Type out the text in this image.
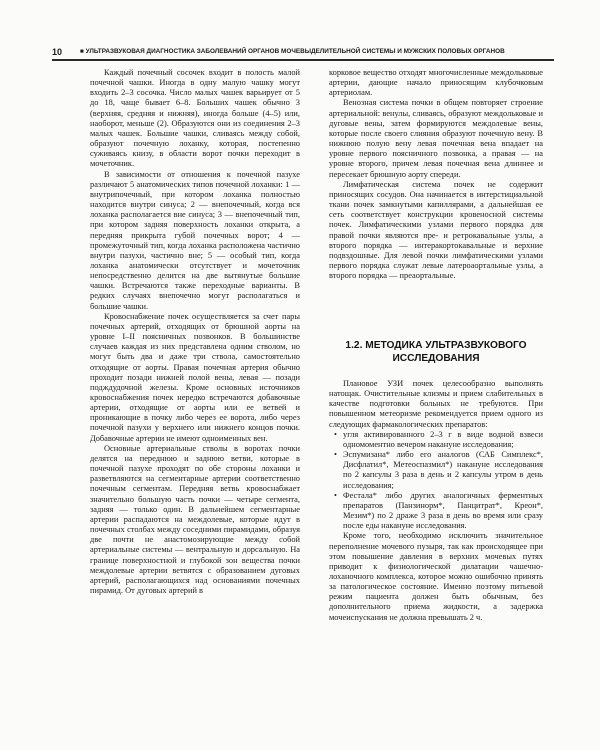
10	■ УЛЬТРАЗВУКОВАЯ ДИАГНОСТИКА ЗАБОЛЕВАНИЙ ОРГАНОВ МОЧЕВЫДЕЛИТЕЛЬНОЙ СИСТЕМЫ И МУЖСКИХ ПОЛОВЫХ ОРГАНОВ

Каждый почечный сосочек входит в полость малой почечной чашки. Иногда в одну малую чашку могут входить 2–3 сосочка. Число малых чашек варьирует от 5 до 18, чаще бывает 6–8. Больших чашек обычно 3 (верхняя, средняя и нижняя), иногда больше (4–5) или, наоборот, меньше (2). Образуются они из соединения 2–3 малых чашек. Большие чашки, сливаясь между собой, образуют почечную лоханку, которая, постепенно суживаясь книзу, в области ворот почки переходит в мочеточник.

В зависимости от отношения к почечной пазухе различают 5 анатомических типов почечной лоханки: 1 — внутрипочечный, при котором лоханка полностью находится внутри синуса; 2 — внепочечный, когда вся лоханка располагается вне синуса; 3 — внепочечный тип, при котором задняя поверхность лоханки открыта, а передняя прикрыта губой почечных ворот; 4 — промежуточный тип, когда лоханка расположена частично внутри пазухи, частично вне; 5 — особый тип, когда лоханка анатомически отсутствует и мочеточник непосредственно делится на две вытянутые большие чашки. Встречаются также переходные варианты. В редких случаях внепочечно могут располагаться и большие чашки.

Кровоснабжение почек осуществляется за счет пары почечных артерий, отходящих от брюшной аорты на уровне I–II поясничных позвонков. В большинстве случаев каждая из них представлена одним стволом, но могут быть два и даже три ствола, самостоятельно отходящие от аорты. Правая почечная артерия обычно проходит позади нижней полой вены, левая — позади подждудочной железы. Кроме основных источников кровоснабжения почек нередко встречаются добавочные артерии, отходящие от аорты или ее ветвей и проникающие в почку либо через ее ворота, либо через почечной пазухи у верхнего или нижнего концов почки. Добавочные артерии не имеют одноименных вен.

Основные артериальные стволы в воротах почки делятся на переднюю и заднюю ветви, которые в почечной пазухе проходят по обе стороны лоханки и разветвляются на сегментарные артерии соответственно почечным сегментам. Передняя ветвь кровоснабжает значительно большую часть почки — четыре сегмента, задняя — только один. В дальнейшем сегментарные артерии распадаются на междолевые, которые идут в почечных столбах между соседними пирамидами, образуя две почти не анастомозирующие между собой артериальные системы — вентральную и дорсальную. На границе поверхностной и глубокой зон вещества почки междолевые артерии ветвятся с образованием дуговых артерий, располагающихся над основаниями почечных пирамид. От дуговых артерий в

корковое вещество отходят многочисленные междольковые артерии, дающие начало приносящим клубочковым артериолам.

Венозная система почки в общем повторяет строение артериальной: венулы, сливаясь, образуют междольковые и дуговые вены, затем формируются междолевые вены, которые после своего слияния образуют почечную вену. В нижнюю полую вену левая почечная вена впадает на уровне первого поясничного позвонка, а правая — на уровне второго, причем левая почечная вена длиннее и пересекает брюшную аорту спереди.

Лимфатическая система почек не содержит приносящих сосудов. Она начинается в интерстициальной ткани почек замкнутыми капиллярами, а дальнейшая ее сеть соответствует конструкции кровеносной системы почек. Лимфатическими узлами первого порядка для правой почки являются пре- и ретрокавальные узлы, а второго порядка — интеракортокавальные и верхние подвздошные. Для левой почки лимфатическими узлами первого порядка служат левые латероаортальные узлы, а второго порядка — преаортальные.

1.2. МЕТОДИКА УЛЬТРАЗВУКОВОГО ИССЛЕДОВАНИЯ

Плановое УЗИ почек целесообразно выполнять натощак. Очистительные клизмы и прием слабительных в качестве подготовки больных не требуются. При повышенном метеоризме рекомендуется прием одного из следующих фармакологических препаратов:

• угля активированного 2–3 г в виде водной взвеси одномоментно вечером накануне исследования;
• Эспумизана* либо его аналогов (САБ Симплекс*, Дисфлатил*, Метеоспазмил*) накануне исследования по 2 капсулы 3 раза в день и 2 капсулы утром в день исследования;
• Фестала* либо других аналогичных ферментных препаратов (Панзинорм*, Панцитрат*, Креон*, Мезим*) по 2 драже 3 раза в день во время или сразу после еды накануне исследования.

Кроме того, необходимо исключить значительное переполнение мочевого пузыря, так как происходящее при этом повышение давления в верхних мочевых путях приводит к физиологической дилатации чашечно-лоханочного комплекса, которое можно ошибочно принять за патологическое состояние. Именно поэтому питьевой режим пациента должен быть обычным, без дополнительного приема жидкости, а задержка мочеиспускания не должна превышать 2 ч.
